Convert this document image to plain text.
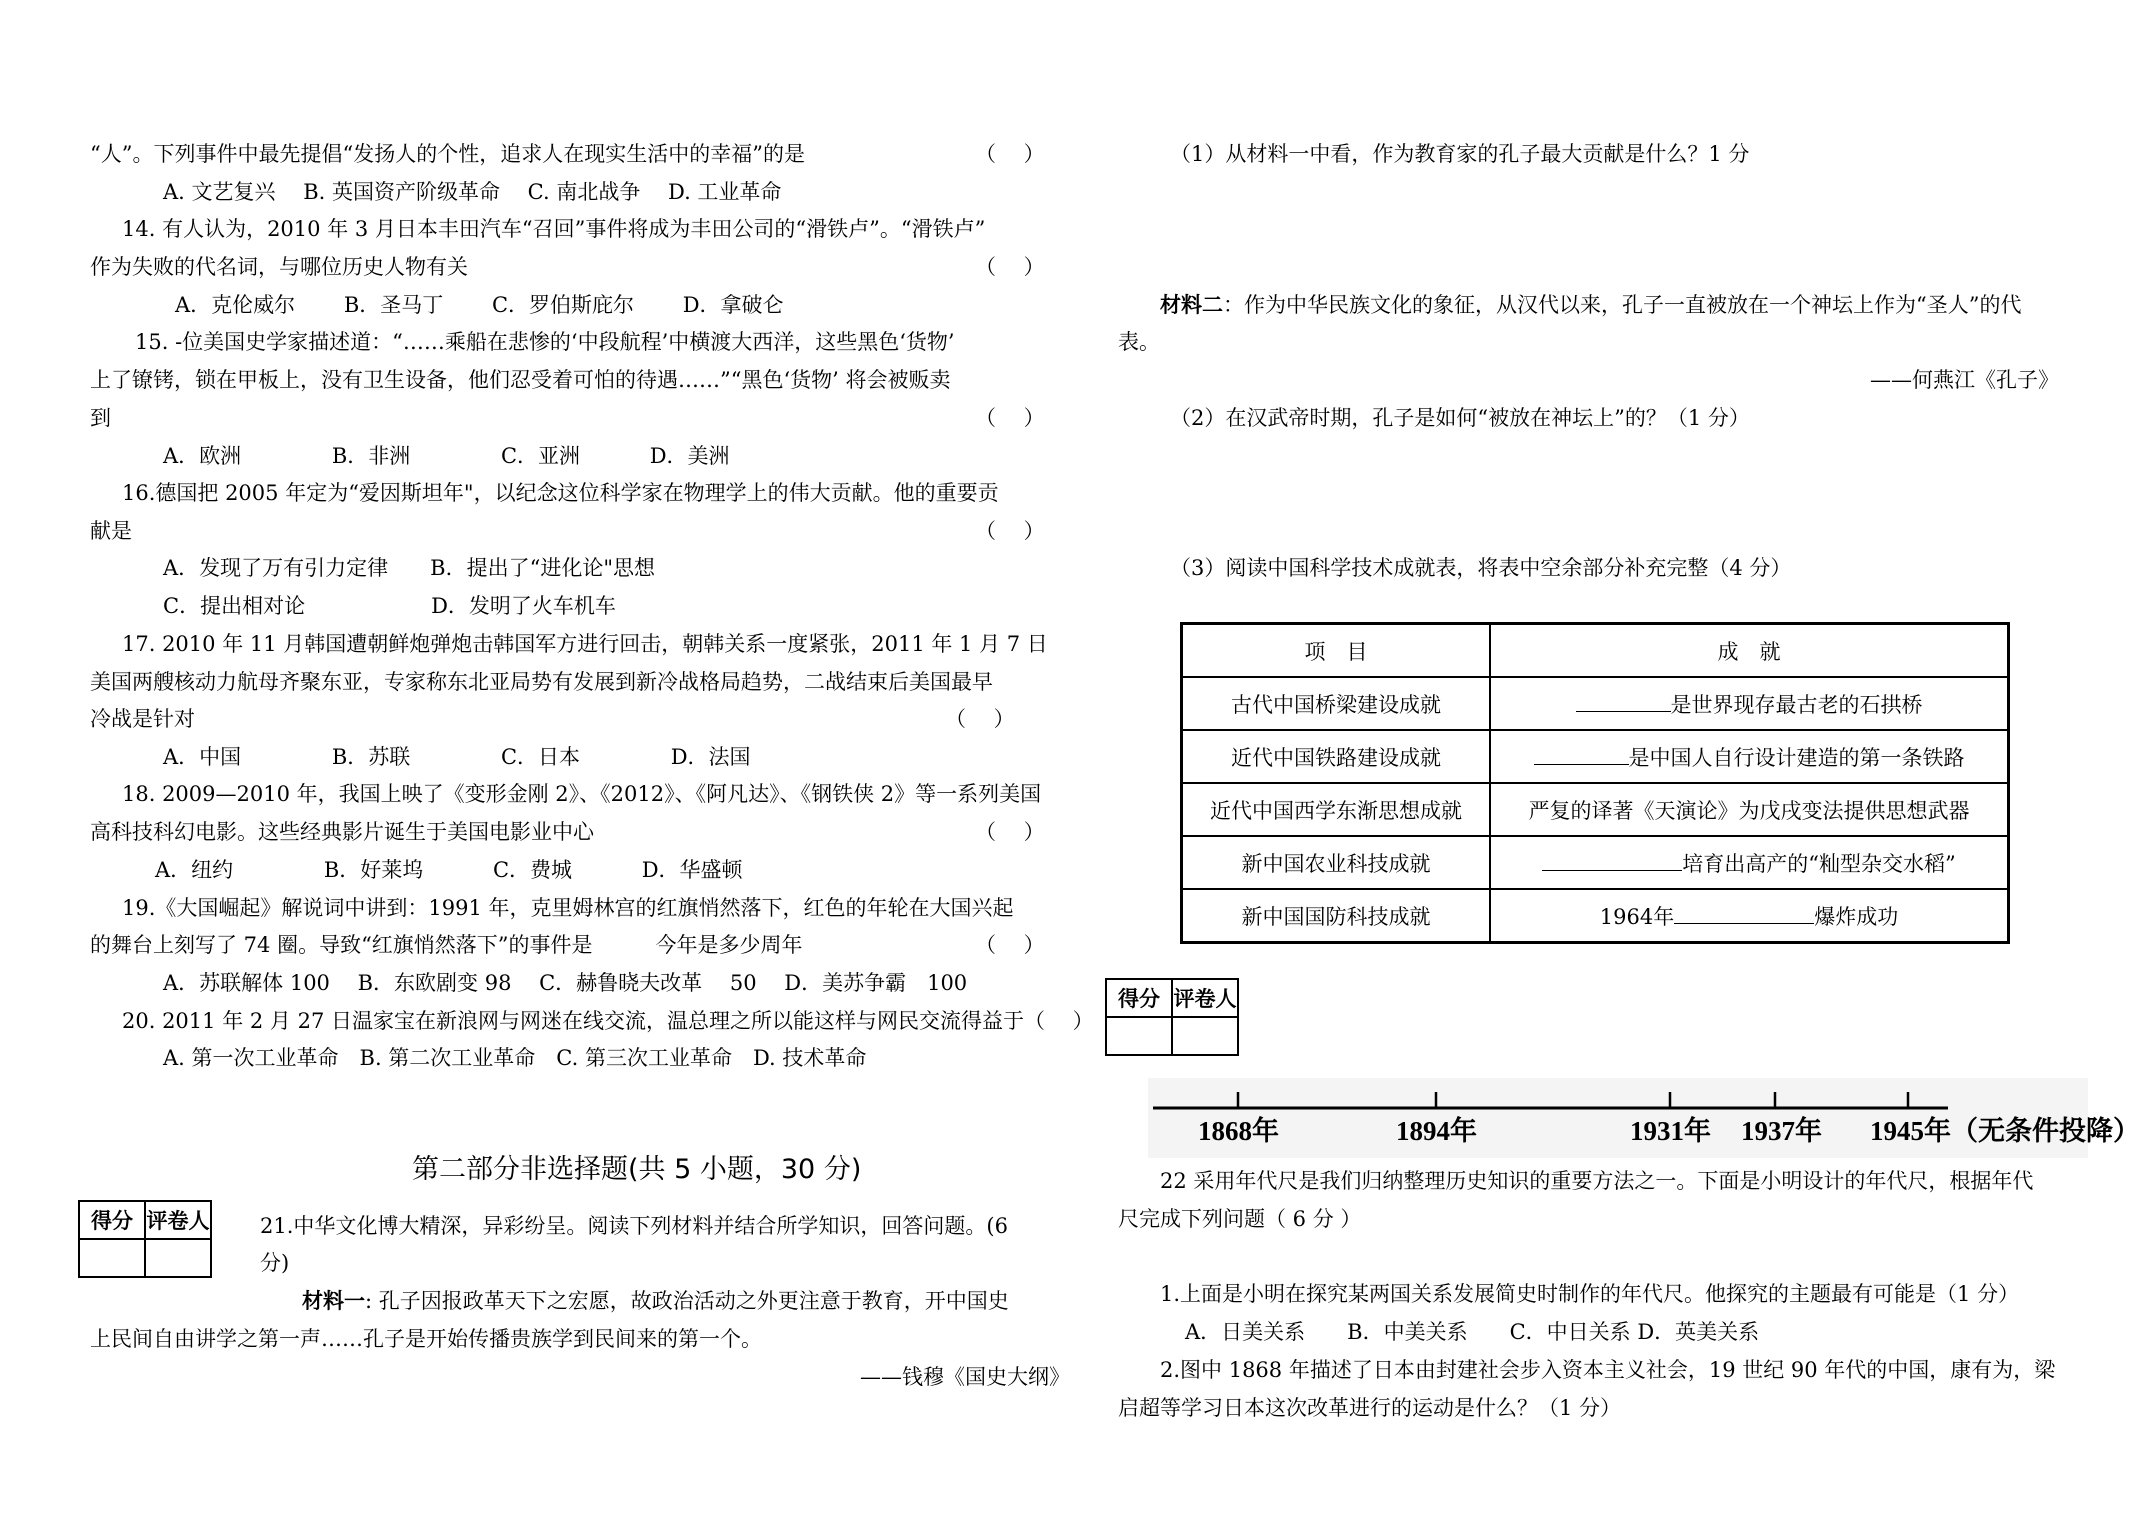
“人”。下列事件中最先提倡“发扬人的个性，追求人在现实生活中的幸福”的是	（　 ）
A. 文艺复兴　 B. 英国资产阶级革命　 C. 南北战争　 D. 工业革命
14. 有人认为，2010 年 3 月日本丰田汽车“召回”事件将成为丰田公司的“滑铁卢”。“滑铁卢”
作为失败的代名词，与哪位历史人物有关	（　 ）
A．克伦威尔　　 B．圣马丁　　 C．罗伯斯庇尔　　 D．拿破仑
15. -位美国史学家描述道：“……乘船在悲惨的‘中段航程’中横渡大西洋，这些黑色‘货物’
上了镣铐，锁在甲板上，没有卫生设备，他们忍受着可怕的待遇……”“黑色‘货物’ 将会被贩卖
到	（　 ）
A．欧洲　　　　 B．非洲　　　　 C．亚洲　　　 D．美洲
16.德国把 2005 年定为“爱因斯坦年"，以纪念这位科学家在物理学上的伟大贡献。他的重要贡
献是	（　 ）
A．发现了万有引力定律　　B．提出了“进化论"思想
C．提出相对论　　　　　　D．发明了火车机车
17. 2010 年 11 月韩国遭朝鲜炮弹炮击韩国军方进行回击，朝韩关系一度紧张，2011 年 1 月 7 日
美国两艘核动力航母齐聚东亚，专家称东北亚局势有发展到新冷战格局趋势，二战结束后美国最早
冷战是针对	（　 ）
A．中国　　　　 B．苏联　　　　 C．日本　　　　 D．法国
18. 2009—2010 年，我国上映了《变形金刚 2》、《2012》、《阿凡达》、《钢铁侠 2》等一系列美国
高科技科幻电影。这些经典影片诞生于美国电影业中心	（　 ）
A．纽约　　　　 B．好莱坞　　　 C．费城　　　 D．华盛顿
19.《大国崛起》解说词中讲到：1991 年，克里姆林宫的红旗悄然落下，红色的年轮在大国兴起
的舞台上刻写了 74 圈。导致“红旗悄然落下”的事件是　　　今年是多少周年	（　 ）
A．苏联解体 100　 B．东欧剧变 98　 C．赫鲁晓夫改革　 50　 D．美苏争霸　100
20. 2011 年 2 月 27 日温家宝在新浪网与网迷在线交流，温总理之所以能这样与网民交流得益于（　 ）
A. 第一次工业革命　B. 第二次工业革命　C. 第三次工业革命　D. 技术革命
第二部分非选择题(共 5 小题，30 分)
得分	评卷人
	21.中华文化博大精深，异彩纷呈。阅读下列材料并结合所学知识，回答问题。(6
分)
材料一: 孔子因报政革天下之宏愿，故政治活动之外更注意于教育，开中国史
上民间自由讲学之第一声……孔子是开始传播贵族学到民间来的第一个。
——钱穆《国史大纲》
（1）从材料一中看，作为教育家的孔子最大贡献是什么？1 分
材料二：作为中华民族文化的象征，从汉代以来，孔子一直被放在一个神坛上作为“圣人”的代
表。
——何燕江《孔子》
（2）在汉武帝时期，孔子是如何“被放在神坛上”的？（1 分）
（3）阅读中国科学技术成就表，将表中空余部分补充完整（4 分）
项　目	成　就
古代中国桥梁建设成就	是世界现存最古老的石拱桥
近代中国铁路建设成就	是中国人自行设计建造的第一条铁路
近代中国西学东渐思想成就	严复的译著《天演论》为戊戌变法提供思想武器
新中国农业科技成就	培育出高产的“籼型杂交水稻”
新中国国防科技成就	1964年 爆炸成功
得分	评卷人

1868年	1894年	1931年 1937年 1945年（无条件投降）
22 采用年代尺是我们归纳整理历史知识的重要方法之一。下面是小明设计的年代尺，根据年代
尺完成下列问题（ 6 分 ）
1.上面是小明在探究某两国关系发展简史时制作的年代尺。他探究的主题最有可能是（1 分）
A．日美关系　　B．中美关系　　C．中日关系 D．英美关系
2.图中 1868 年描述了日本由封建社会步入资本主义社会，19 世纪 90 年代的中国，康有为，梁
启超等学习日本这次改革进行的运动是什么？（1 分）
